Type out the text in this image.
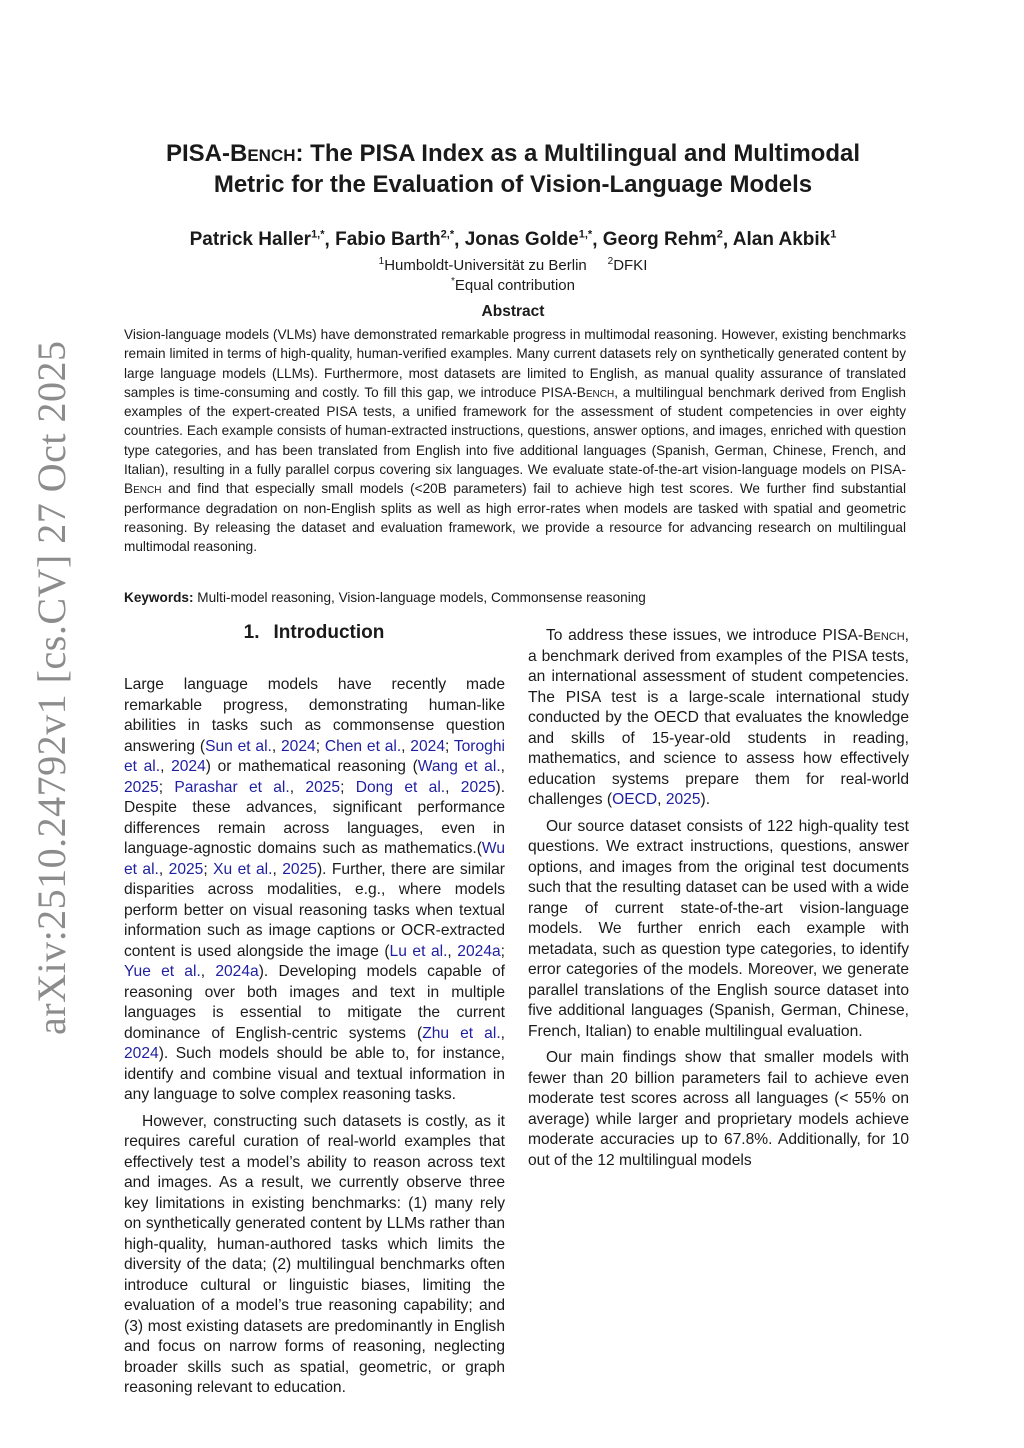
arXiv:2510.24792v1 [cs.CV] 27 Oct 2025
PISA-Bench: The PISA Index as a Multilingual and Multimodal
Metric for the Evaluation of Vision-Language Models
Patrick Haller$^{1,*}$, Fabio Barth$^{2,*}$, Jonas Golde$^{1,*}$, Georg Rehm$^2$, Alan Akbik$^1$
$^1$Humboldt-Universität zu Berlin $^2$DFKI
*Equal contribution
Abstract
Vision-language models (VLMs) have demonstrated remarkable progress in multimodal reasoning. However, existing benchmarks remain limited in terms of high-quality, human-verified examples. Many current datasets rely on synthetically generated content by large language models (LLMs). Furthermore, most datasets are limited to English, as manual quality assurance of translated samples is time-consuming and costly. To fill this gap, we introduce PISA-Bench, a multilingual benchmark derived from English examples of the expert-created PISA tests, a unified framework for the assessment of student competencies in over eighty countries. Each example consists of human-extracted instructions, questions, answer options, and images, enriched with question type categories, and has been translated from English into five additional languages (Spanish, German, Chinese, French, and Italian), resulting in a fully parallel corpus covering six languages. We evaluate state-of-the-art vision-language models on PISA-Bench and find that especially small models (<20B parameters) fail to achieve high test scores. We further find substantial performance degradation on non-English splits as well as high error-rates when models are tasked with spatial and geometric reasoning. By releasing the dataset and evaluation framework, we provide a resource for advancing research on multilingual multimodal reasoning.
Keywords: Multi-model reasoning, Vision-language models, Commonsense reasoning
1. Introduction

Large language models have recently made remarkable progress, demonstrating human-like abilities in tasks such as commonsense question answering (Sun et al., 2024; Chen et al., 2024; Toroghi et al., 2024) or mathematical reasoning (Wang et al., 2025; Parashar et al., 2025; Dong et al., 2025). Despite these advances, significant performance differences remain across languages, even in language-agnostic domains such as mathematics.(Wu et al., 2025; Xu et al., 2025). Further, there are similar disparities across modalities, e.g., where models perform better on visual reasoning tasks when textual information such as image captions or OCR-extracted content is used alongside the image (Lu et al., 2024a; Yue et al., 2024a). Developing models capable of reasoning over both images and text in multiple languages is essential to mitigate the current dominance of English-centric systems (Zhu et al., 2024). Such models should be able to, for instance, identify and combine visual and textual information in any language to solve complex reasoning tasks.

However, constructing such datasets is costly, as it requires careful curation of real-world examples that effectively test a model’s ability to reason across text and images. As a result, we currently observe three key limitations in existing benchmarks: (1) many rely on synthetically generated content by LLMs rather than high-quality, human-authored tasks which limits the diversity of the data; (2) multilingual benchmarks often introduce cultural or linguistic biases, limiting the evaluation of a model’s true reasoning capability; and (3) most existing datasets are predominantly in English and focus on narrow forms of reasoning, neglecting broader skills such as spatial, geometric, or graph reasoning relevant to education.

To address these issues, we introduce PISA-Bench, a benchmark derived from examples of the PISA tests, an international assessment of student competencies. The PISA test is a large-scale international study conducted by the OECD that evaluates the knowledge and skills of 15-year-old students in reading, mathematics, and science to assess how effectively education systems prepare them for real-world challenges (OECD, 2025).

Our source dataset consists of 122 high-quality test questions. We extract instructions, questions, answer options, and images from the original test documents such that the resulting dataset can be used with a wide range of current state-of-the-art vision-language models. We further enrich each example with metadata, such as question type categories, to identify error categories of the models. Moreover, we generate parallel translations of the English source dataset into five additional languages (Spanish, German, Chinese, French, Italian) to enable multilingual evaluation.

Our main findings show that smaller models with fewer than 20 billion parameters fail to achieve even moderate test scores across all languages (< 55% on average) while larger and proprietary models achieve moderate accuracies up to 67.8%. Additionally, for 10 out of the 12 multilingual models
